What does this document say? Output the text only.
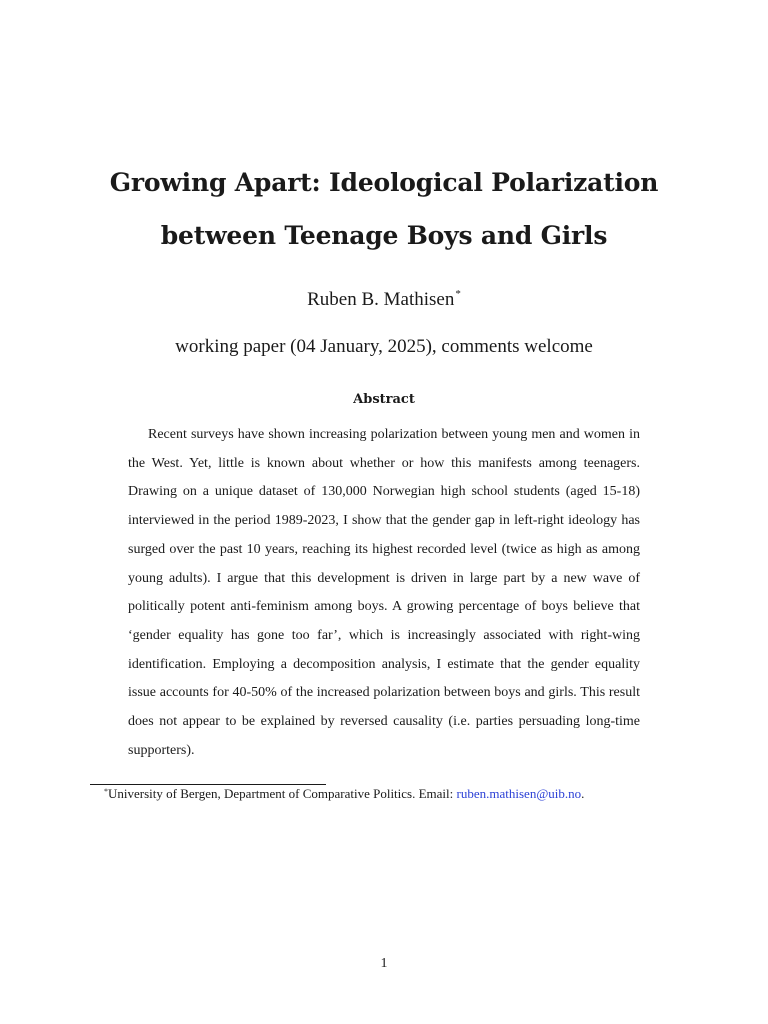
Growing Apart: Ideological Polarization
between Teenage Boys and Girls
Ruben B. Mathisen*
working paper (04 January, 2025), comments welcome
Abstract

Recent surveys have shown increasing polarization between young men and women in the West. Yet, little is known about whether or how this manifests among teenagers. Drawing on a unique dataset of 130,000 Norwegian high school students (aged 15-18) interviewed in the period 1989-2023, I show that the gender gap in left-right ideology has surged over the past 10 years, reaching its highest recorded level (twice as high as among young adults). I argue that this development is driven in large part by a new wave of politically potent anti-feminism among boys. A growing percentage of boys believe that ‘gender equality has gone too far’, which is increasingly associated with right-wing identification. Employing a decomposition analysis, I estimate that the gender equality issue accounts for 40-50% of the increased polarization between boys and girls. This result does not appear to be explained by reversed causality (i.e. parties persuading long-time supporters).

*University of Bergen, Department of Comparative Politics. Email: ruben.mathisen@uib.no.
1
